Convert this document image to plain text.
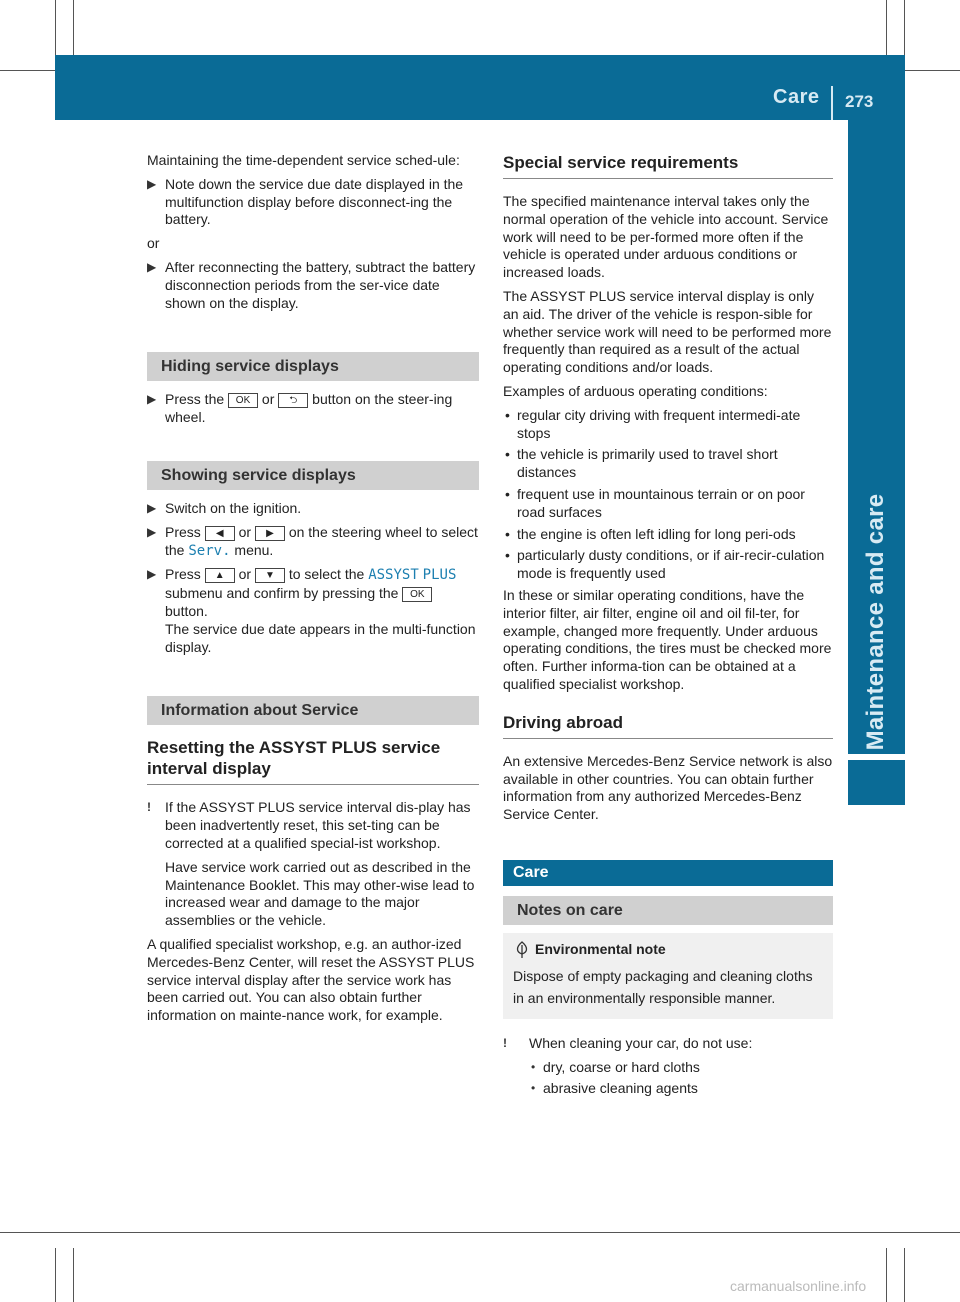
Care 273
Maintenance and care

Maintaining the time-dependent service sched-ule:

▶ Note down the service due date displayed in the multifunction display before disconnect-ing the battery.

or

▶ After reconnecting the battery, subtract the battery disconnection periods from the ser-vice date shown on the display.
Hiding service displays
▶ Press the OK or ⮌ button on the steer-ing wheel.
Showing service displays
▶ Switch on the ignition.
▶ Press ◀ or ▶ on the steering wheel to select the Serv. menu.
▶ Press ▲ or ▼ to select the ASSYST PLUS submenu and confirm by pressing the OK button.
The service due date appears in the multi-function display.
Information about Service
Resetting the ASSYST PLUS service interval display
!	If the ASSYST PLUS service interval dis-play has been inadvertently reset, this set-ting can be corrected at a qualified special-ist workshop.

Have service work carried out as described in the Maintenance Booklet. This may other-wise lead to increased wear and damage to the major assemblies or the vehicle.

A qualified specialist workshop, e.g. an author-ized Mercedes-Benz Center, will reset the ASSYST PLUS service interval display after the service work has been carried out. You can also obtain further information on mainte-nance work, for example.

Special service requirements

The specified maintenance interval takes only the normal operation of the vehicle into account. Service work will need to be per-formed more often if the vehicle is operated under arduous conditions or increased loads.

The ASSYST PLUS service interval display is only an aid. The driver of the vehicle is respon-sible for whether service work will need to be performed more frequently than required as a result of the actual operating conditions and/or loads.

Examples of arduous operating conditions:

• regular city driving with frequent intermedi-ate stops
• the vehicle is primarily used to travel short distances
• frequent use in mountainous terrain or on poor road surfaces
• the engine is often left idling for long peri-ods
• particularly dusty conditions, or if air-recir-culation mode is frequently used

In these or similar operating conditions, have the interior filter, air filter, engine oil and oil fil-ter, for example, changed more frequently. Under arduous operating conditions, the tires must be checked more often. Further informa-tion can be obtained at a qualified specialist workshop.

Driving abroad

An extensive Mercedes-Benz Service network is also available in other countries. You can obtain further information from any authorized Mercedes-Benz Service Center.

Care
Notes on care
Environmental note
Dispose of empty packaging and cleaning cloths in an environmentally responsible manner.
!	When cleaning your car, do not use:

• dry, coarse or hard cloths
• abrasive cleaning agents
carmanualsonline.info
